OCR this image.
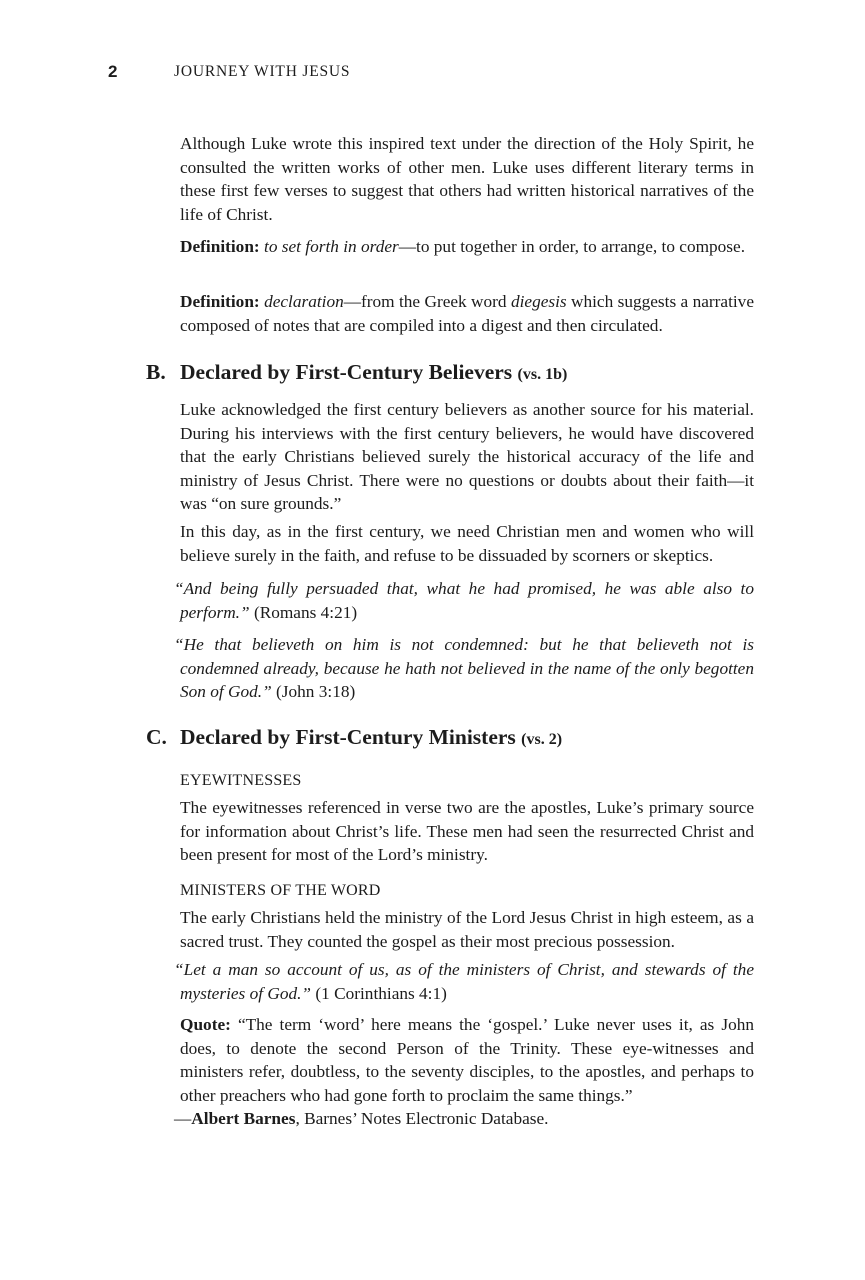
2	JOURNEY WITH JESUS

Although Luke wrote this inspired text under the direction of the Holy Spirit, he consulted the written works of other men. Luke uses different literary terms in these first few verses to suggest that others had written historical narratives of the life of Christ.

Definition: to set forth in order—to put together in order, to arrange, to compose.

Definition: declaration—from the Greek word diegesis which suggests a narrative composed of notes that are compiled into a digest and then circulated.

B. Declared by First-Century Believers (vs. 1b)

Luke acknowledged the first century believers as another source for his material. During his interviews with the first century believers, he would have discovered that the early Christians believed surely the historical accuracy of the life and ministry of Jesus Christ. There were no questions or doubts about their faith—it was “on sure grounds.”

In this day, as in the first century, we need Christian men and women who will believe surely in the faith, and refuse to be dissuaded by scorners or skeptics.

“And being fully persuaded that, what he had promised, he was able also to perform.” (Romans 4:21)

“He that believeth on him is not condemned: but he that believeth not is condemned already, because he hath not believed in the name of the only begotten Son of God.” (John 3:18)

C. Declared by First-Century Ministers (vs. 2)
EYEWITNESSES

The eyewitnesses referenced in verse two are the apostles, Luke’s primary source for information about Christ’s life. These men had seen the resurrected Christ and been present for most of the Lord’s ministry.

MINISTERS OF THE WORD

The early Christians held the ministry of the Lord Jesus Christ in high esteem, as a sacred trust. They counted the gospel as their most precious possession.

“Let a man so account of us, as of the ministers of Christ, and stewards of the mysteries of God.” (1 Corinthians 4:1)

Quote: “The term ‘word’ here means the ‘gospel.’ Luke never uses it, as John does, to denote the second Person of the Trinity. These eye-witnesses and ministers refer, doubtless, to the seventy disciples, to the apostles, and perhaps to other preachers who had gone forth to proclaim the same things.”

—Albert Barnes, Barnes’ Notes Electronic Database.
